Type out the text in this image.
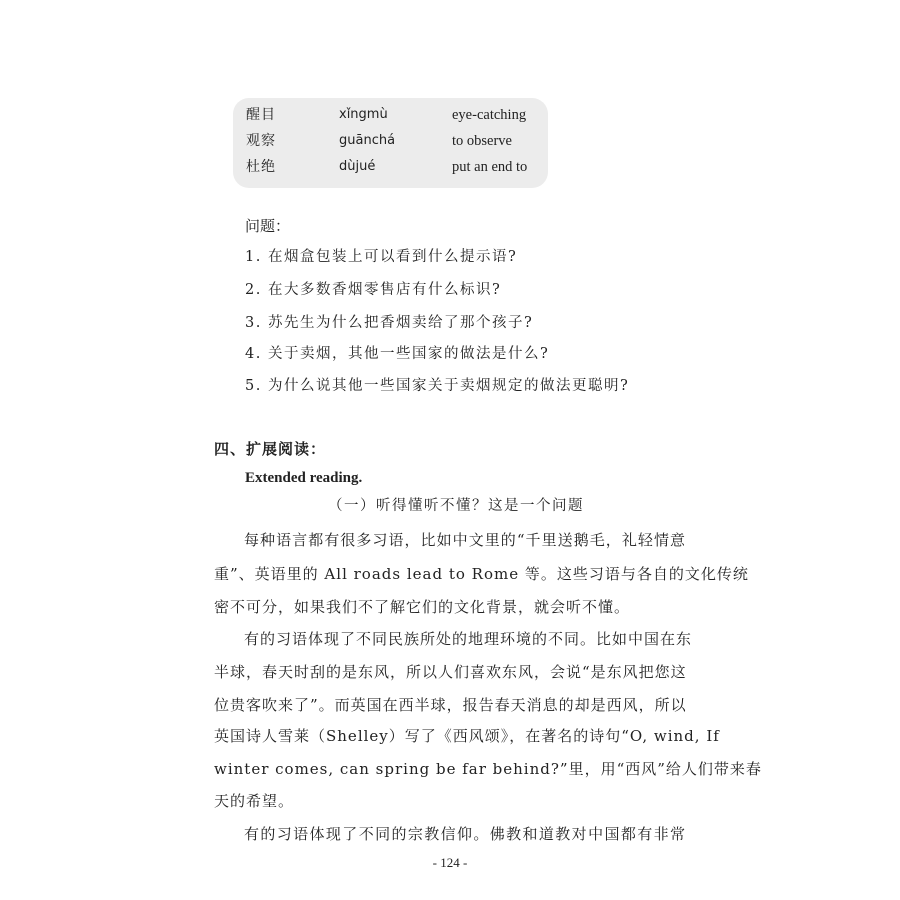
醒目	xǐngmù	eye-catching
观察	guānchá	to observe
杜绝	dùjué	put an end to
问题：
1. 在烟盒包装上可以看到什么提示语?
2. 在大多数香烟零售店有什么标识?
3. 苏先生为什么把香烟卖给了那个孩子?
4. 关于卖烟，其他一些国家的做法是什么?
5. 为什么说其他一些国家关于卖烟规定的做法更聪明?
四、扩展阅读：
Extended reading.
（一）听得懂听不懂？这是一个问题
每种语言都有很多习语，比如中文里的“千里送鹅毛，礼轻情意
重”、英语里的 All roads lead to Rome 等。这些习语与各自的文化传统
密不可分，如果我们不了解它们的文化背景，就会听不懂。
有的习语体现了不同民族所处的地理环境的不同。比如中国在东
半球，春天时刮的是东风，所以人们喜欢东风，会说“是东风把您这
位贵客吹来了”。而英国在西半球，报告春天消息的却是西风，所以
英国诗人雪莱（Shelley）写了《西风颂》，在著名的诗句“O, wind, If
winter comes, can spring be far behind?”里，用“西风”给人们带来春
天的希望。
有的习语体现了不同的宗教信仰。佛教和道教对中国都有非常
- 124 -
